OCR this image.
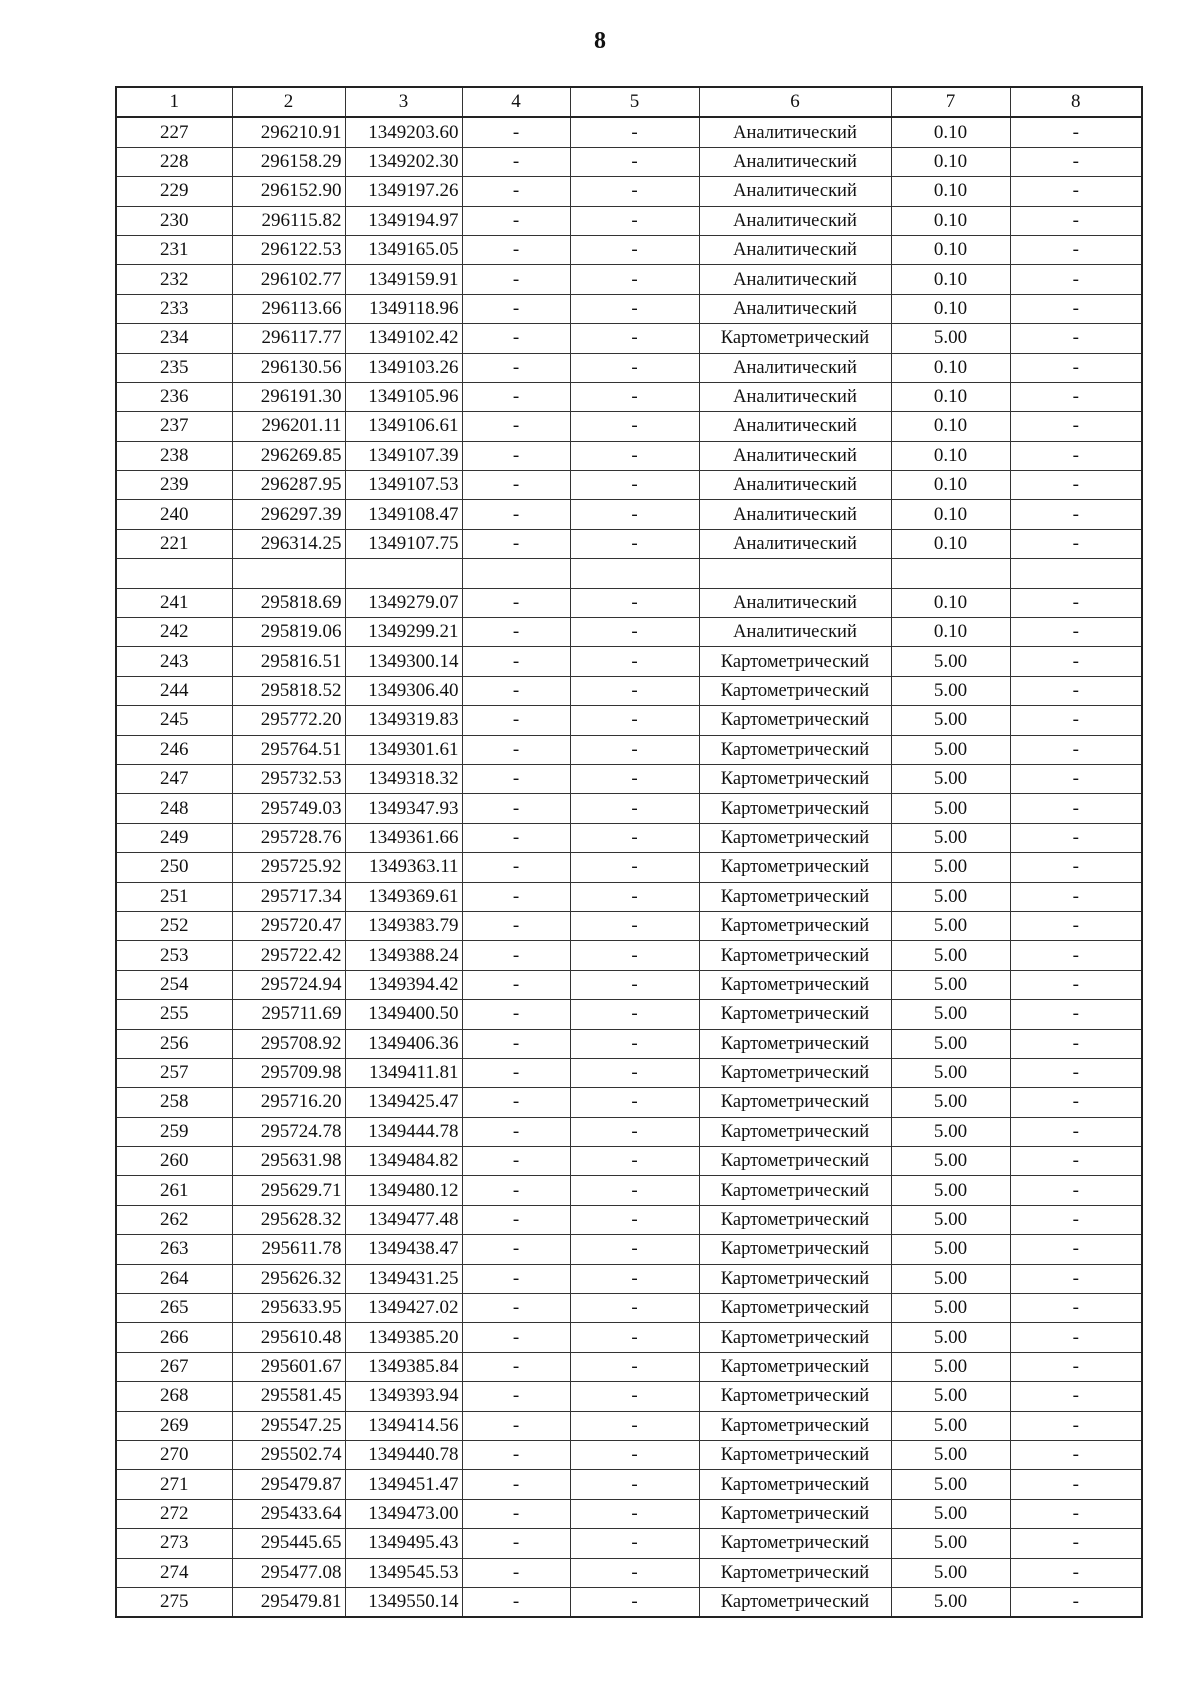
8
1	2	3	4	5	6	7	8
227	296210.91	1349203.60	-	-	Аналитический	0.10	-
228	296158.29	1349202.30	-	-	Аналитический	0.10	-
229	296152.90	1349197.26	-	-	Аналитический	0.10	-
230	296115.82	1349194.97	-	-	Аналитический	0.10	-
231	296122.53	1349165.05	-	-	Аналитический	0.10	-
232	296102.77	1349159.91	-	-	Аналитический	0.10	-
233	296113.66	1349118.96	-	-	Аналитический	0.10	-
234	296117.77	1349102.42	-	-	Картометрический	5.00	-
235	296130.56	1349103.26	-	-	Аналитический	0.10	-
236	296191.30	1349105.96	-	-	Аналитический	0.10	-
237	296201.11	1349106.61	-	-	Аналитический	0.10	-
238	296269.85	1349107.39	-	-	Аналитический	0.10	-
239	296287.95	1349107.53	-	-	Аналитический	0.10	-
240	296297.39	1349108.47	-	-	Аналитический	0.10	-
221	296314.25	1349107.75	-	-	Аналитический	0.10	-

241	295818.69	1349279.07	-	-	Аналитический	0.10	-
242	295819.06	1349299.21	-	-	Аналитический	0.10	-
243	295816.51	1349300.14	-	-	Картометрический	5.00	-
244	295818.52	1349306.40	-	-	Картометрический	5.00	-
245	295772.20	1349319.83	-	-	Картометрический	5.00	-
246	295764.51	1349301.61	-	-	Картометрический	5.00	-
247	295732.53	1349318.32	-	-	Картометрический	5.00	-
248	295749.03	1349347.93	-	-	Картометрический	5.00	-
249	295728.76	1349361.66	-	-	Картометрический	5.00	-
250	295725.92	1349363.11	-	-	Картометрический	5.00	-
251	295717.34	1349369.61	-	-	Картометрический	5.00	-
252	295720.47	1349383.79	-	-	Картометрический	5.00	-
253	295722.42	1349388.24	-	-	Картометрический	5.00	-
254	295724.94	1349394.42	-	-	Картометрический	5.00	-
255	295711.69	1349400.50	-	-	Картометрический	5.00	-
256	295708.92	1349406.36	-	-	Картометрический	5.00	-
257	295709.98	1349411.81	-	-	Картометрический	5.00	-
258	295716.20	1349425.47	-	-	Картометрический	5.00	-
259	295724.78	1349444.78	-	-	Картометрический	5.00	-
260	295631.98	1349484.82	-	-	Картометрический	5.00	-
261	295629.71	1349480.12	-	-	Картометрический	5.00	-
262	295628.32	1349477.48	-	-	Картометрический	5.00	-
263	295611.78	1349438.47	-	-	Картометрический	5.00	-
264	295626.32	1349431.25	-	-	Картометрический	5.00	-
265	295633.95	1349427.02	-	-	Картометрический	5.00	-
266	295610.48	1349385.20	-	-	Картометрический	5.00	-
267	295601.67	1349385.84	-	-	Картометрический	5.00	-
268	295581.45	1349393.94	-	-	Картометрический	5.00	-
269	295547.25	1349414.56	-	-	Картометрический	5.00	-
270	295502.74	1349440.78	-	-	Картометрический	5.00	-
271	295479.87	1349451.47	-	-	Картометрический	5.00	-
272	295433.64	1349473.00	-	-	Картометрический	5.00	-
273	295445.65	1349495.43	-	-	Картометрический	5.00	-
274	295477.08	1349545.53	-	-	Картометрический	5.00	-
275	295479.81	1349550.14	-	-	Картометрический	5.00	-
